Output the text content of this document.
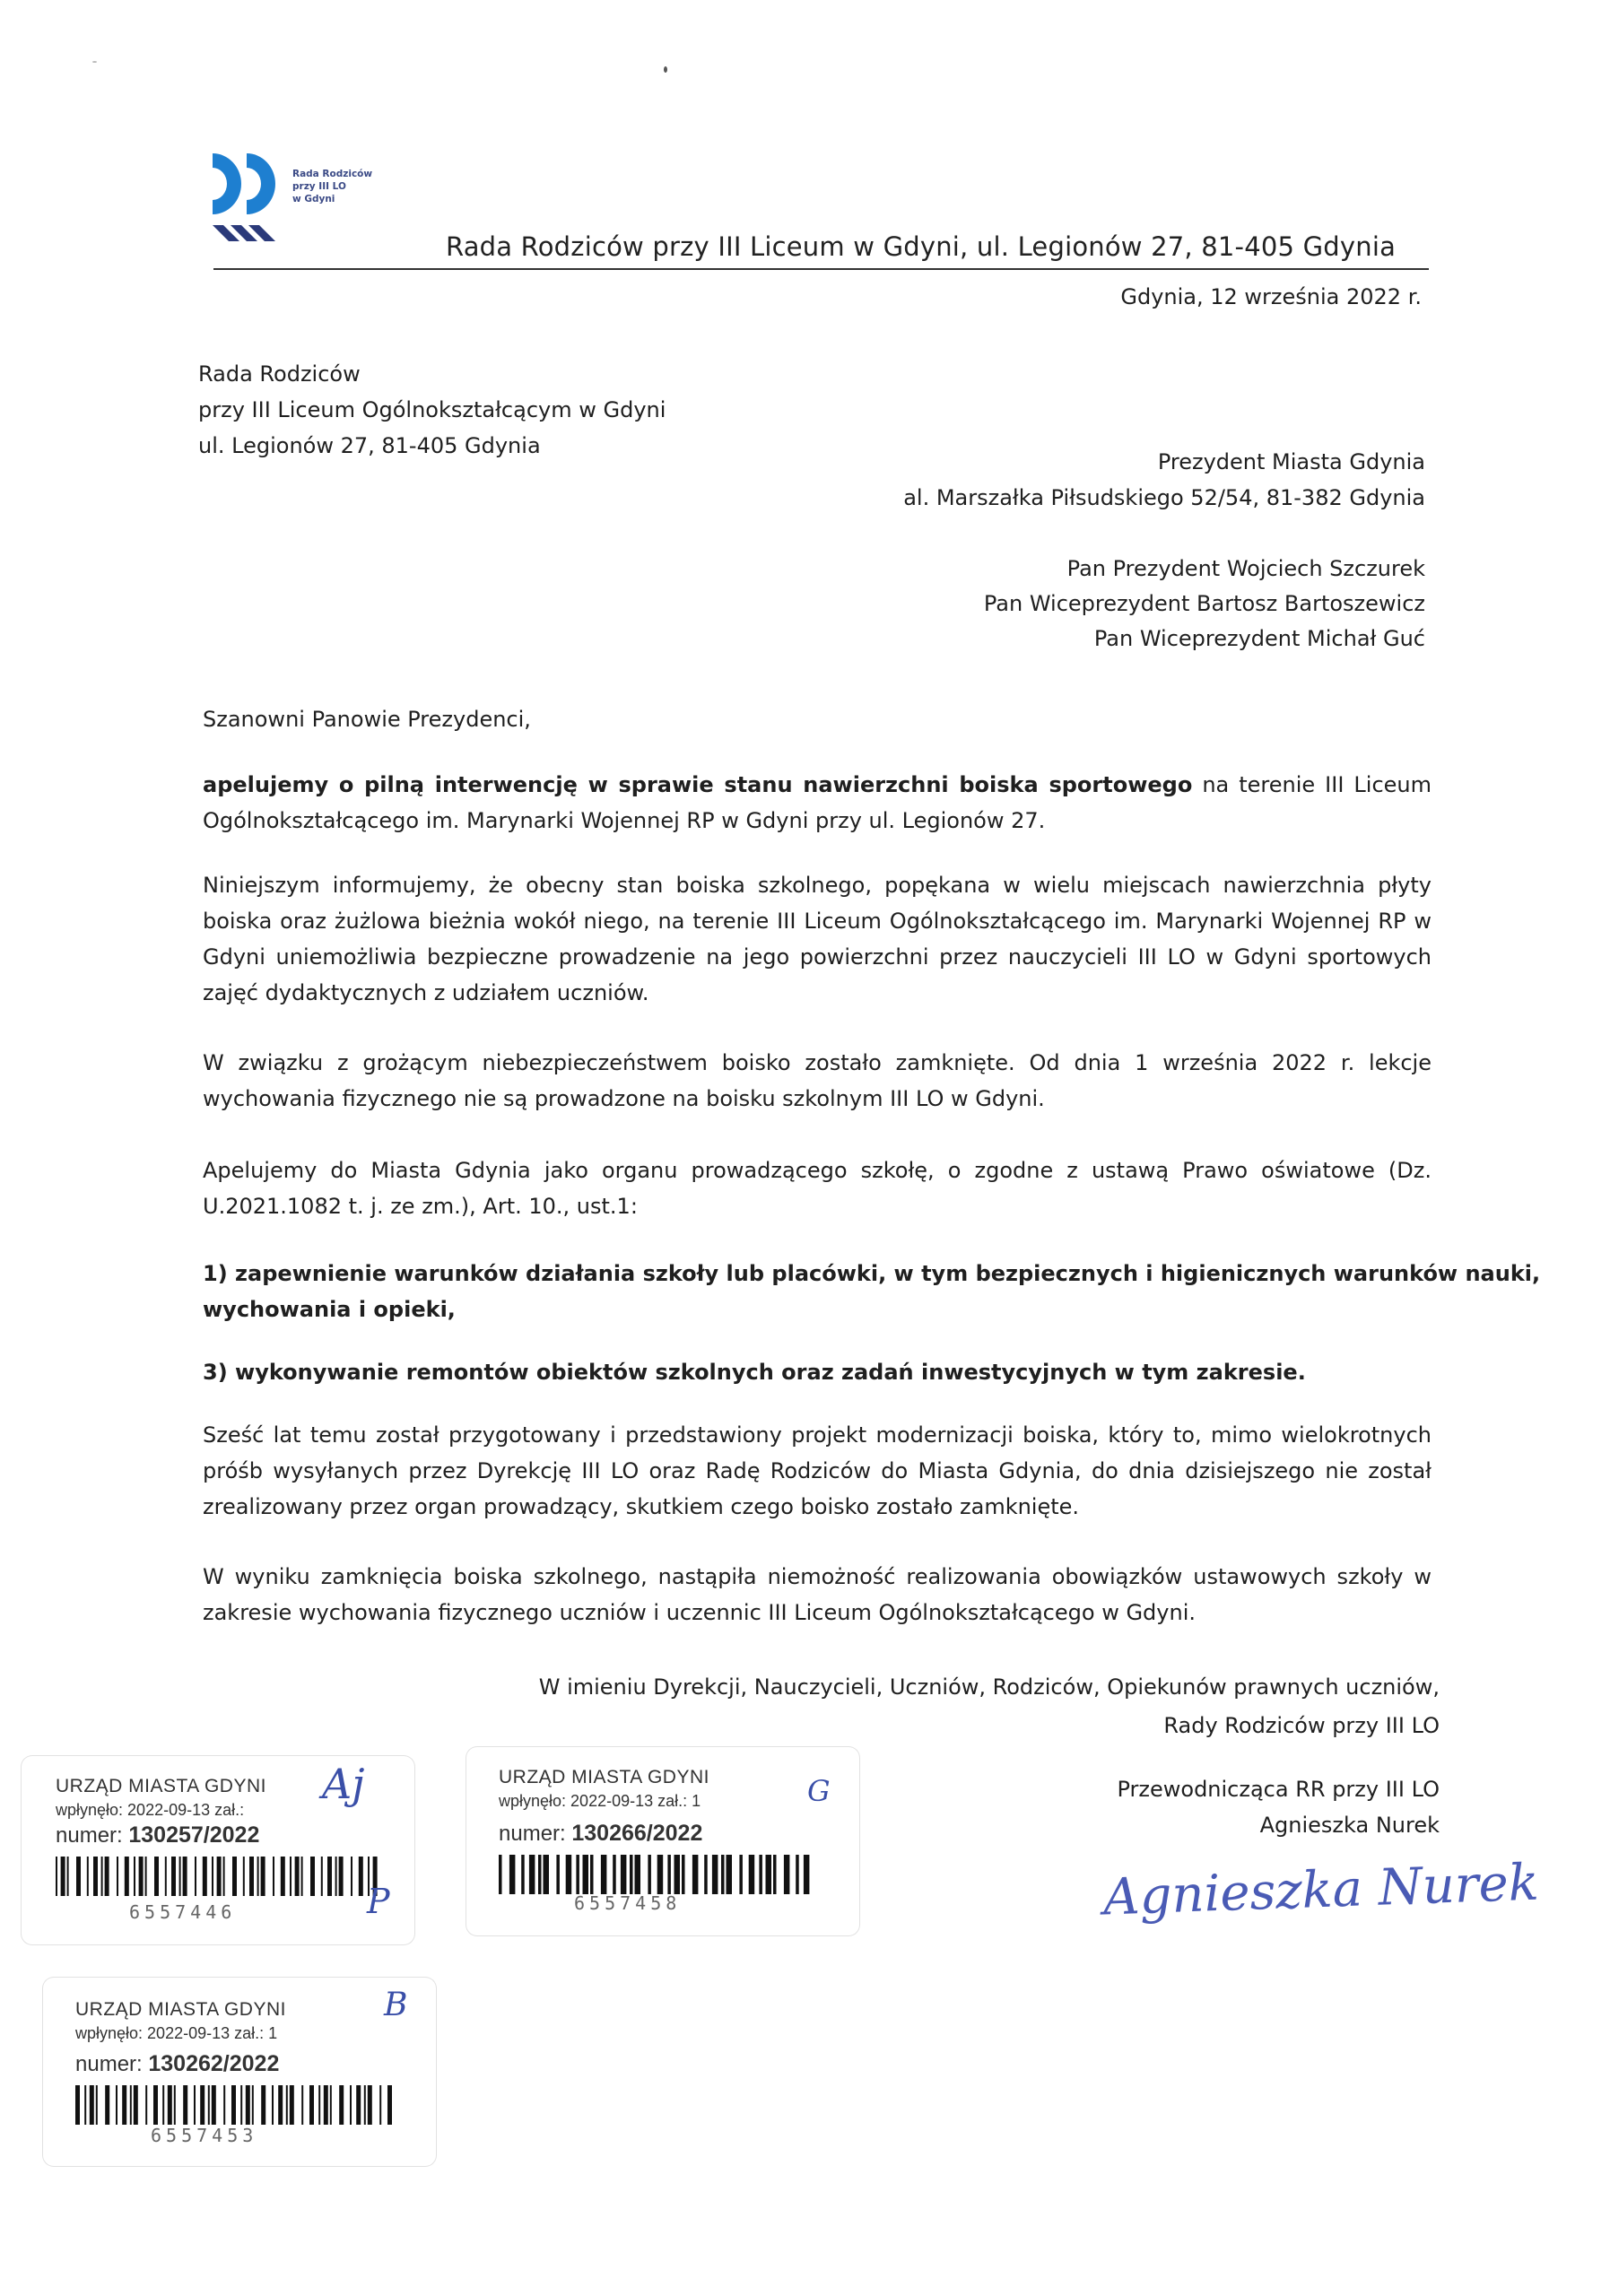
Rada Rodziców
przy III LO
w Gdyni
Rada Rodziców przy III Liceum w Gdyni, ul. Legionów 27, 81-405 Gdynia
Gdynia, 12 września 2022 r.
Rada Rodziców
przy III Liceum Ogólnokształcącym w Gdyni
ul. Legionów 27, 81-405 Gdynia
Prezydent Miasta Gdynia
al. Marszałka Piłsudskiego 52/54, 81-382 Gdynia
Pan Prezydent Wojciech Szczurek
Pan Wiceprezydent Bartosz Bartoszewicz
Pan Wiceprezydent Michał Guć
Szanowni Panowie Prezydenci,
apelujemy o pilną interwencję w sprawie stanu nawierzchni boiska sportowego na terenie III Liceum
Ogólnokształcącego im. Marynarki Wojennej RP w Gdyni przy ul. Legionów 27.
Niniejszym informujemy, że obecny stan boiska szkolnego, popękana w wielu miejscach nawierzchnia płyty
boiska oraz żużlowa bieżnia wokół niego, na terenie III Liceum Ogólnokształcącego im. Marynarki Wojennej RP w
Gdyni uniemożliwia bezpieczne prowadzenie na jego powierzchni przez nauczycieli III LO w Gdyni sportowych
zajęć dydaktycznych z udziałem uczniów.
W związku z grożącym niebezpieczeństwem boisko zostało zamknięte. Od dnia 1 września 2022 r. lekcje
wychowania fizycznego nie są prowadzone na boisku szkolnym III LO w Gdyni.
Apelujemy do Miasta Gdynia jako organu prowadzącego szkołę, o zgodne z ustawą Prawo oświatowe (Dz.
U.2021.1082 t. j. ze zm.), Art. 10., ust.1:
1) zapewnienie warunków działania szkoły lub placówki, w tym bezpiecznych i higienicznych warunków nauki,
wychowania i opieki,
3) wykonywanie remontów obiektów szkolnych oraz zadań inwestycyjnych w tym zakresie.
Sześć lat temu został przygotowany i przedstawiony projekt modernizacji boiska, który to, mimo wielokrotnych
próśb wysyłanych przez Dyrekcję III LO oraz Radę Rodziców do Miasta Gdynia, do dnia dzisiejszego nie został
zrealizowany przez organ prowadzący, skutkiem czego boisko zostało zamknięte.
W wyniku zamknięcia boiska szkolnego, nastąpiła niemożność realizowania obowiązków ustawowych szkoły w
zakresie wychowania fizycznego uczniów i uczennic III Liceum Ogólnokształcącego w Gdyni.
W imieniu Dyrekcji, Nauczycieli, Uczniów, Rodziców, Opiekunów prawnych uczniów,
Rady Rodziców przy III LO
Przewodnicząca RR przy III LO
Agnieszka Nurek
Agnieszka Nurek
URZĄD MIASTA GDYNI
wpłynęło: 2022-09-13 zał.:
numer: 130257/2022
6557446
Aj
P
URZĄD MIASTA GDYNI
wpłynęło: 2022-09-13 zał.: 1
numer: 130266/2022
6557458
G
URZĄD MIASTA GDYNI
wpłynęło: 2022-09-13 zał.: 1
numer: 130262/2022
6557453
B
